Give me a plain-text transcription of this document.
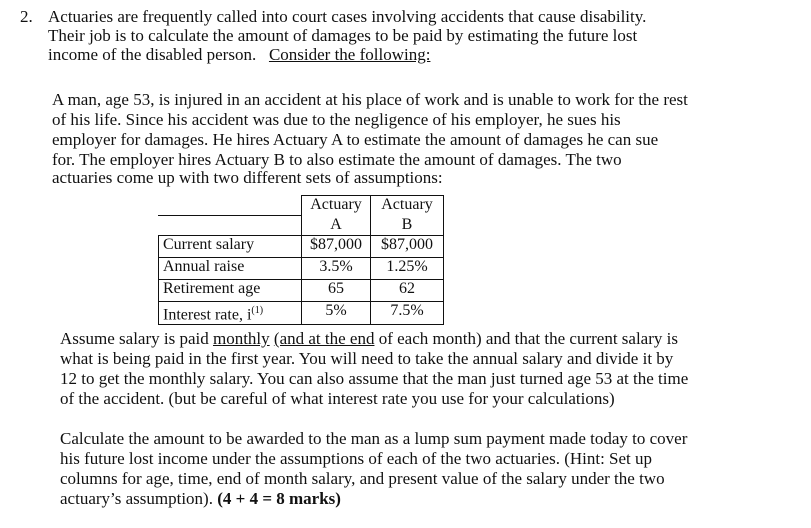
2. Actuaries are frequently called into court cases involving accidents that cause disability.
Their job is to calculate the amount of damages to be paid by estimating the future lost
income of the disabled person. Consider the following:
A man, age 53, is injured in an accident at his place of work and is unable to work for the rest
of his life. Since his accident was due to the negligence of his employer, he sues his
employer for damages. He hires Actuary A to estimate the amount of damages he can sue
for. The employer hires Actuary B to also estimate the amount of damages. The two
actuaries come up with two different sets of assumptions:
	Actuary	Actuary
	A	B
Current salary	$87,000	$87,000
Annual raise	3.5%	1.25%
Retirement age	65	62
Interest rate, $i^{(1)}$	5%	7.5%
Assume salary is paid monthly (and at the end of each month) and that the current salary is
what is being paid in the first year. You will need to take the annual salary and divide it by
12 to get the monthly salary. You can also assume that the man just turned age 53 at the time
of the accident. (but be careful of what interest rate you use for your calculations)
Calculate the amount to be awarded to the man as a lump sum payment made today to cover
his future lost income under the assumptions of each of the two actuaries. (Hint: Set up
columns for age, time, end of month salary, and present value of the salary under the two
actuary’s assumption). (4 + 4 = 8 marks)
